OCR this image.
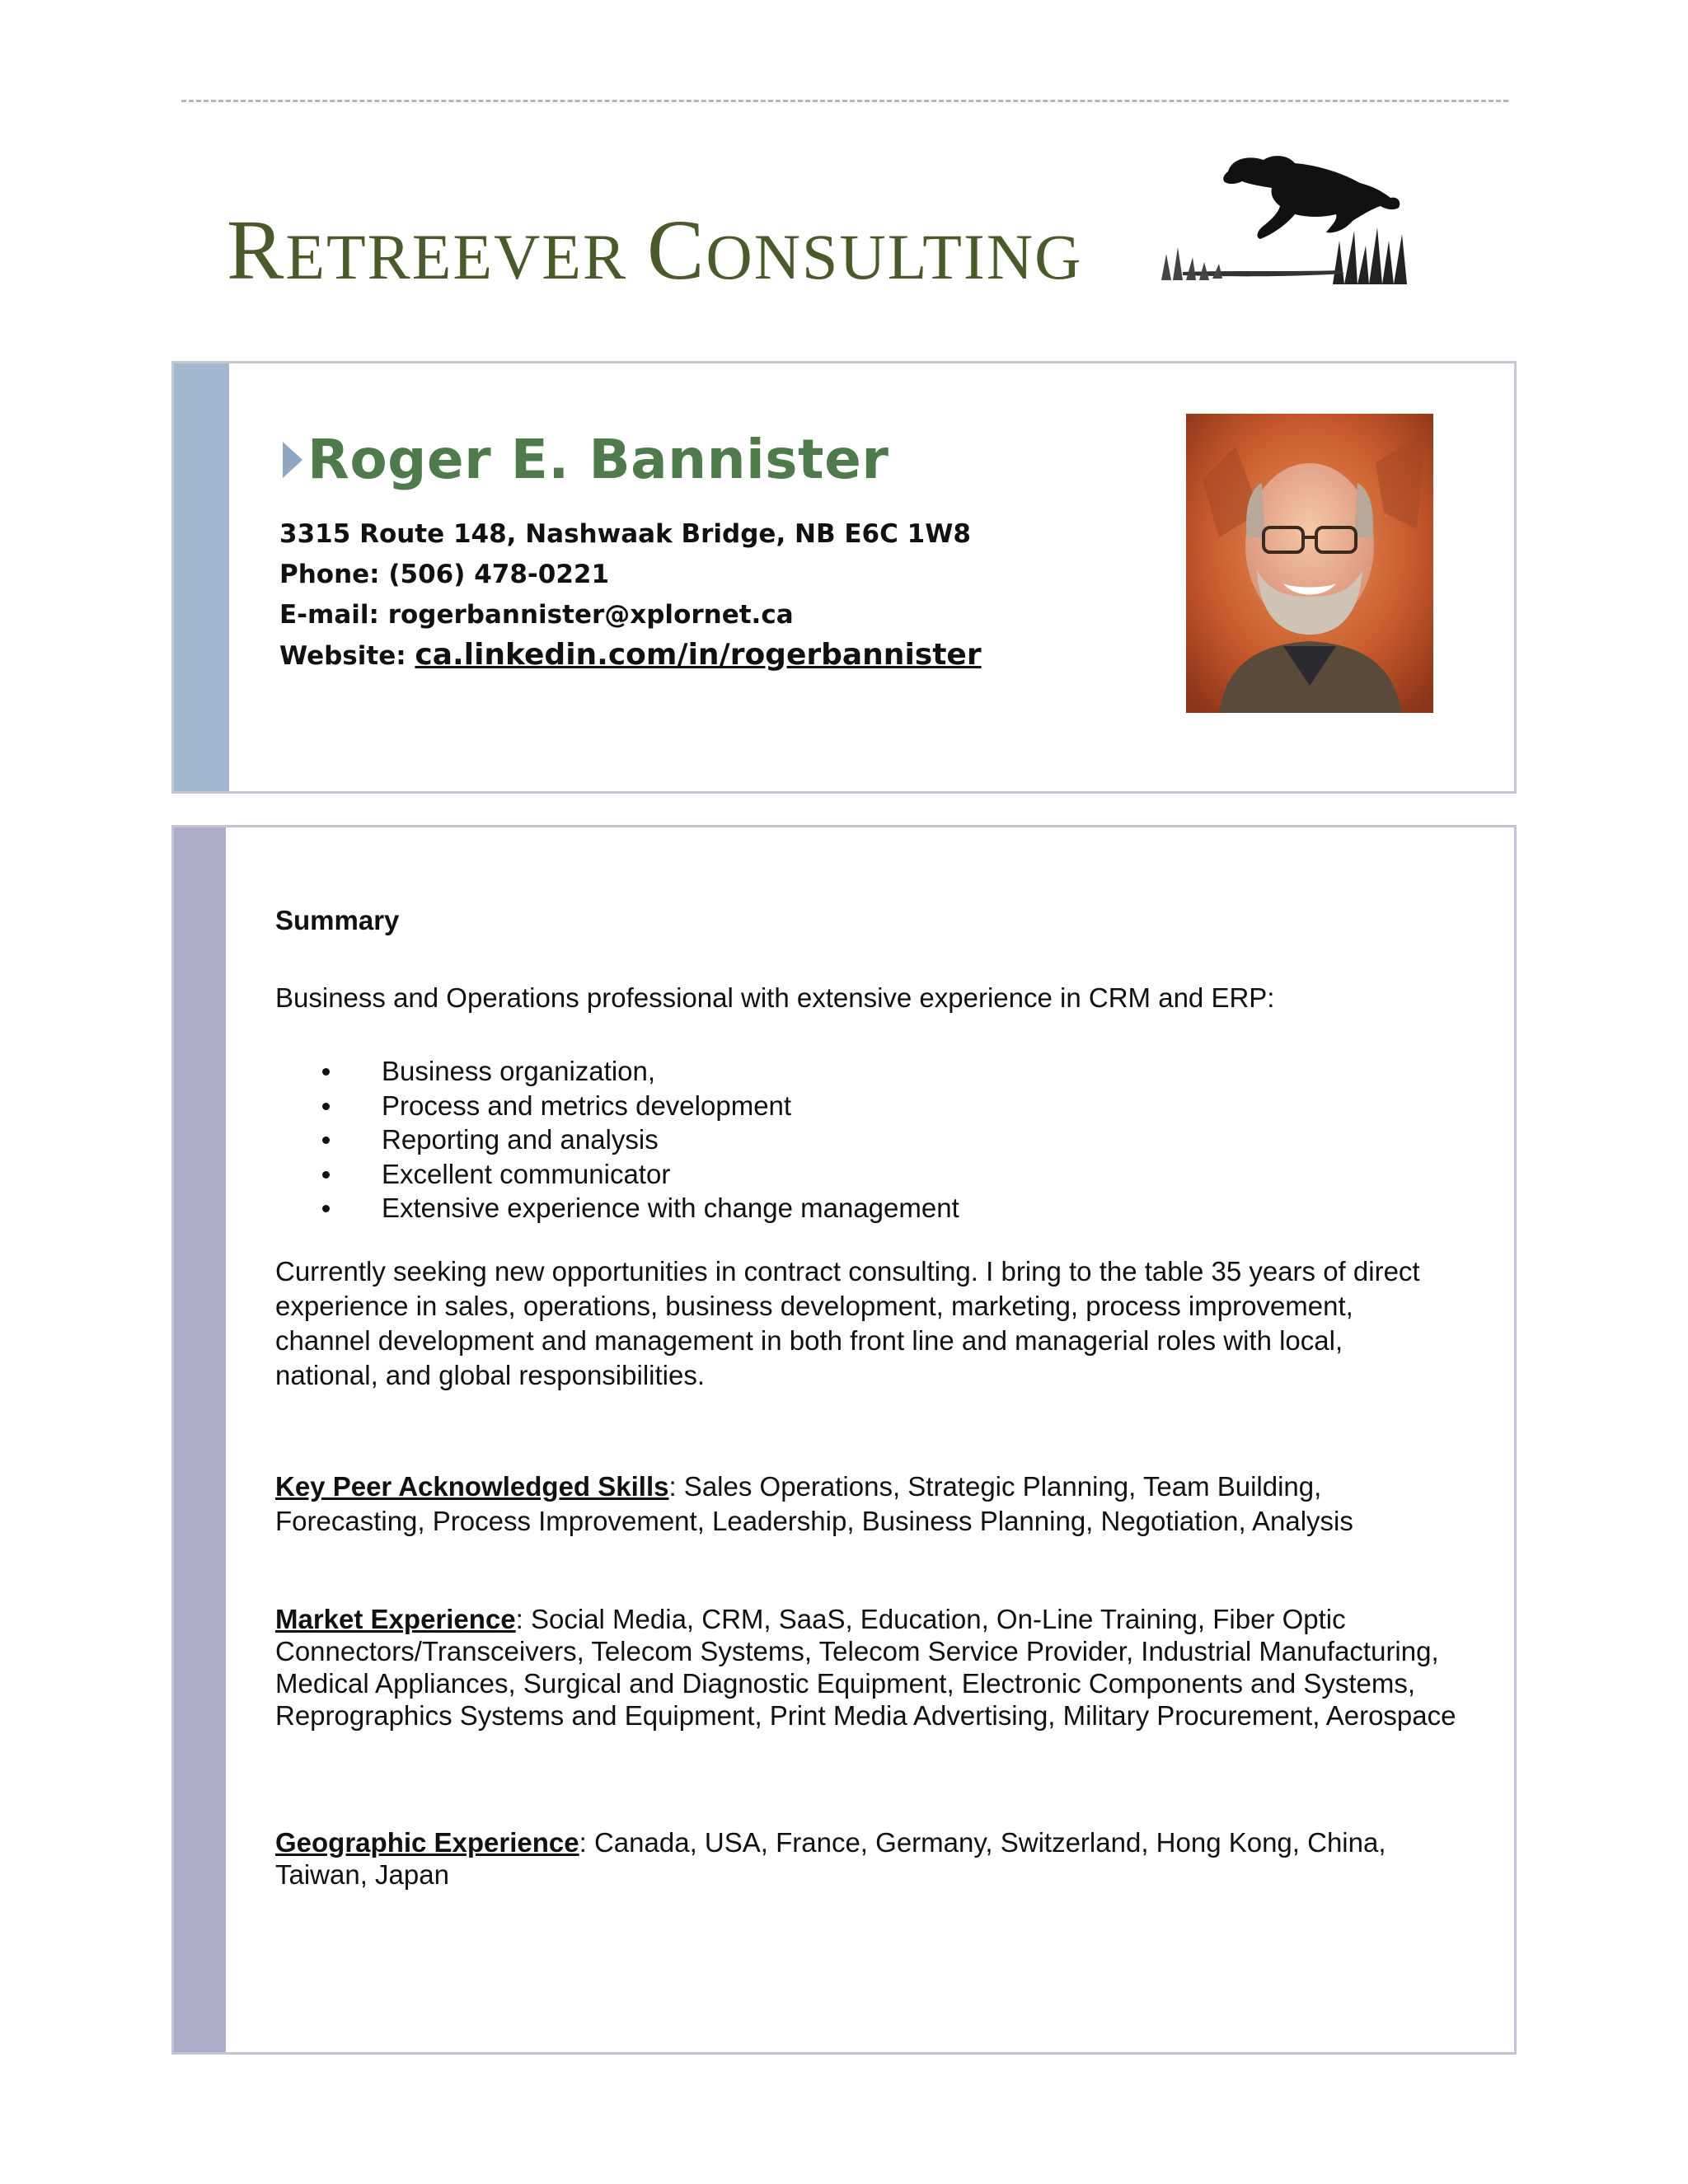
RETREEVER CONSULTING
Roger E. Bannister
3315 Route 148, Nashwaak Bridge, NB E6C 1W8
Phone: (506) 478-0221
E-mail: rogerbannister@xplornet.ca
Website: ca.linkedin.com/in/rogerbannister
Summary
Business and Operations professional with extensive experience in CRM and ERP:
Business organization,
Process and metrics development
Reporting and analysis
Excellent communicator
Extensive experience with change management
Currently seeking new opportunities in contract consulting. I bring to the table 35 years of direct experience in sales, operations, business development, marketing, process improvement, channel development and management in both front line and managerial roles with local, national, and global responsibilities.
Key Peer Acknowledged Skills: Sales Operations, Strategic Planning, Team Building, Forecasting, Process Improvement, Leadership, Business Planning, Negotiation, Analysis
Market Experience: Social Media, CRM, SaaS, Education, On-Line Training, Fiber Optic Connectors/Transceivers, Telecom Systems, Telecom Service Provider, Industrial Manufacturing, Medical Appliances, Surgical and Diagnostic Equipment, Electronic Components and Systems, Reprographics Systems and Equipment, Print Media Advertising, Military Procurement, Aerospace
Geographic Experience: Canada, USA, France, Germany, Switzerland, Hong Kong, China, Taiwan, Japan
